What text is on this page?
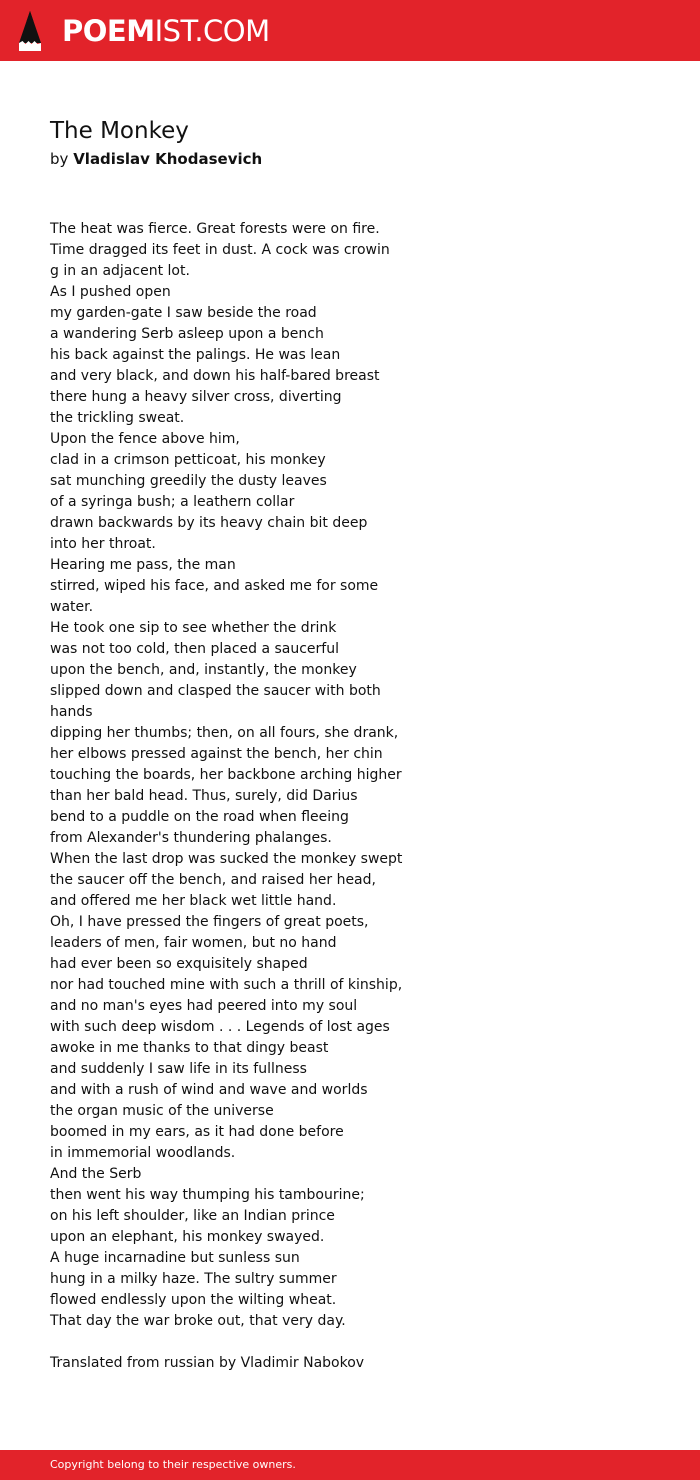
POEMIST.COM
The Monkey
by Vladislav Khodasevich
The heat was fierce. Great forests were on fire.
Time dragged its feet in dust. A cock was crowin
g in an adjacent lot.
As I pushed open
my garden-gate I saw beside the road
a wandering Serb asleep upon a bench
his back against the palings. He was lean
and very black, and down his half-bared breast
there hung a heavy silver cross, diverting
the trickling sweat.
Upon the fence above him,
clad in a crimson petticoat, his monkey
sat munching greedily the dusty leaves
of a syringa bush; a leathern collar
drawn backwards by its heavy chain bit deep
into her throat.
Hearing me pass, the man
stirred, wiped his face, and asked me for some
water.
He took one sip to see whether the drink
was not too cold, then placed a saucerful
upon the bench, and, instantly, the monkey
slipped down and clasped the saucer with both
hands
dipping her thumbs; then, on all fours, she drank,
her elbows pressed against the bench, her chin
touching the boards, her backbone arching higher
than her bald head. Thus, surely, did Darius
bend to a puddle on the road when fleeing
from Alexander's thundering phalanges.
When the last drop was sucked the monkey swept
the saucer off the bench, and raised her head,
and offered me her black wet little hand.
Oh, I have pressed the fingers of great poets,
leaders of men, fair women, but no hand
had ever been so exquisitely shaped
nor had touched mine with such a thrill of kinship,
and no man's eyes had peered into my soul
with such deep wisdom . . . Legends of lost ages
awoke in me thanks to that dingy beast
and suddenly I saw life in its fullness
and with a rush of wind and wave and worlds
the organ music of the universe
boomed in my ears, as it had done before
in immemorial woodlands.
And the Serb
then went his way thumping his tambourine;
on his left shoulder, like an Indian prince
upon an elephant, his monkey swayed.
A huge incarnadine but sunless sun
hung in a milky haze. The sultry summer
flowed endlessly upon the wilting wheat.
That day the war broke out, that very day.
Translated from russian by Vladimir Nabokov
Copyright belong to their respective owners.
